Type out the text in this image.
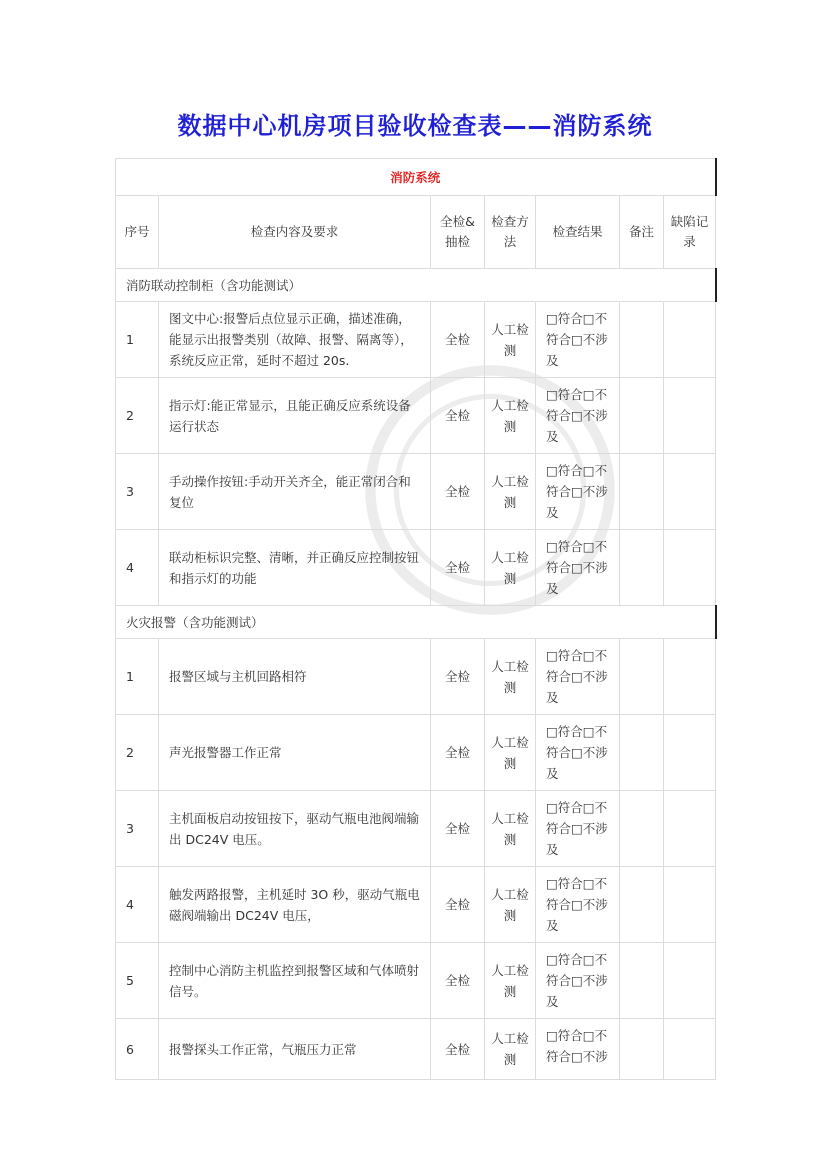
数据中心机房项目验收检查表——消防系统
消防系统						
序号	检查内容及要求	全检&抽检	检查方法	检查结果	备注	缺陷记录
消防联动控制柜（含功能测试）						
1	图文中心:报警后点位显示正确，描述准确，能显示出报警类别（故障、报警、隔离等），系统反应正常，延时不超过 20s.	全检	人工检测	□符合□不符合□不涉及		
2	指示灯:能正常显示，且能正确反应系统设备运行状态	全检	人工检测	□符合□不符合□不涉及		
3	手动操作按钮:手动开关齐全，能正常闭合和复位	全检	人工检测	□符合□不符合□不涉及		
4	联动柜标识完整、清晰，并正确反应控制按钮和指示灯的功能	全检	人工检测	□符合□不符合□不涉及		
火灾报警（含功能测试）						
1	报警区域与主机回路相符	全检	人工检测	□符合□不符合□不涉及		
2	声光报警器工作正常	全检	人工检测	□符合□不符合□不涉及		
3	主机面板启动按钮按下，驱动气瓶电池阀端输出 DC24V 电压。	全检	人工检测	□符合□不符合□不涉及		
4	触发两路报警，主机延时 3O 秒，驱动气瓶电磁阀端输出 DC24V 电压，	全检	人工检测	□符合□不符合□不涉及		
5	控制中心消防主机监控到报警区域和气体喷射信号。	全检	人工检测	□符合□不符合□不涉及		
6	报警探头工作正常，气瓶压力正常	全检	人工检测	□符合□不符合□不涉		
